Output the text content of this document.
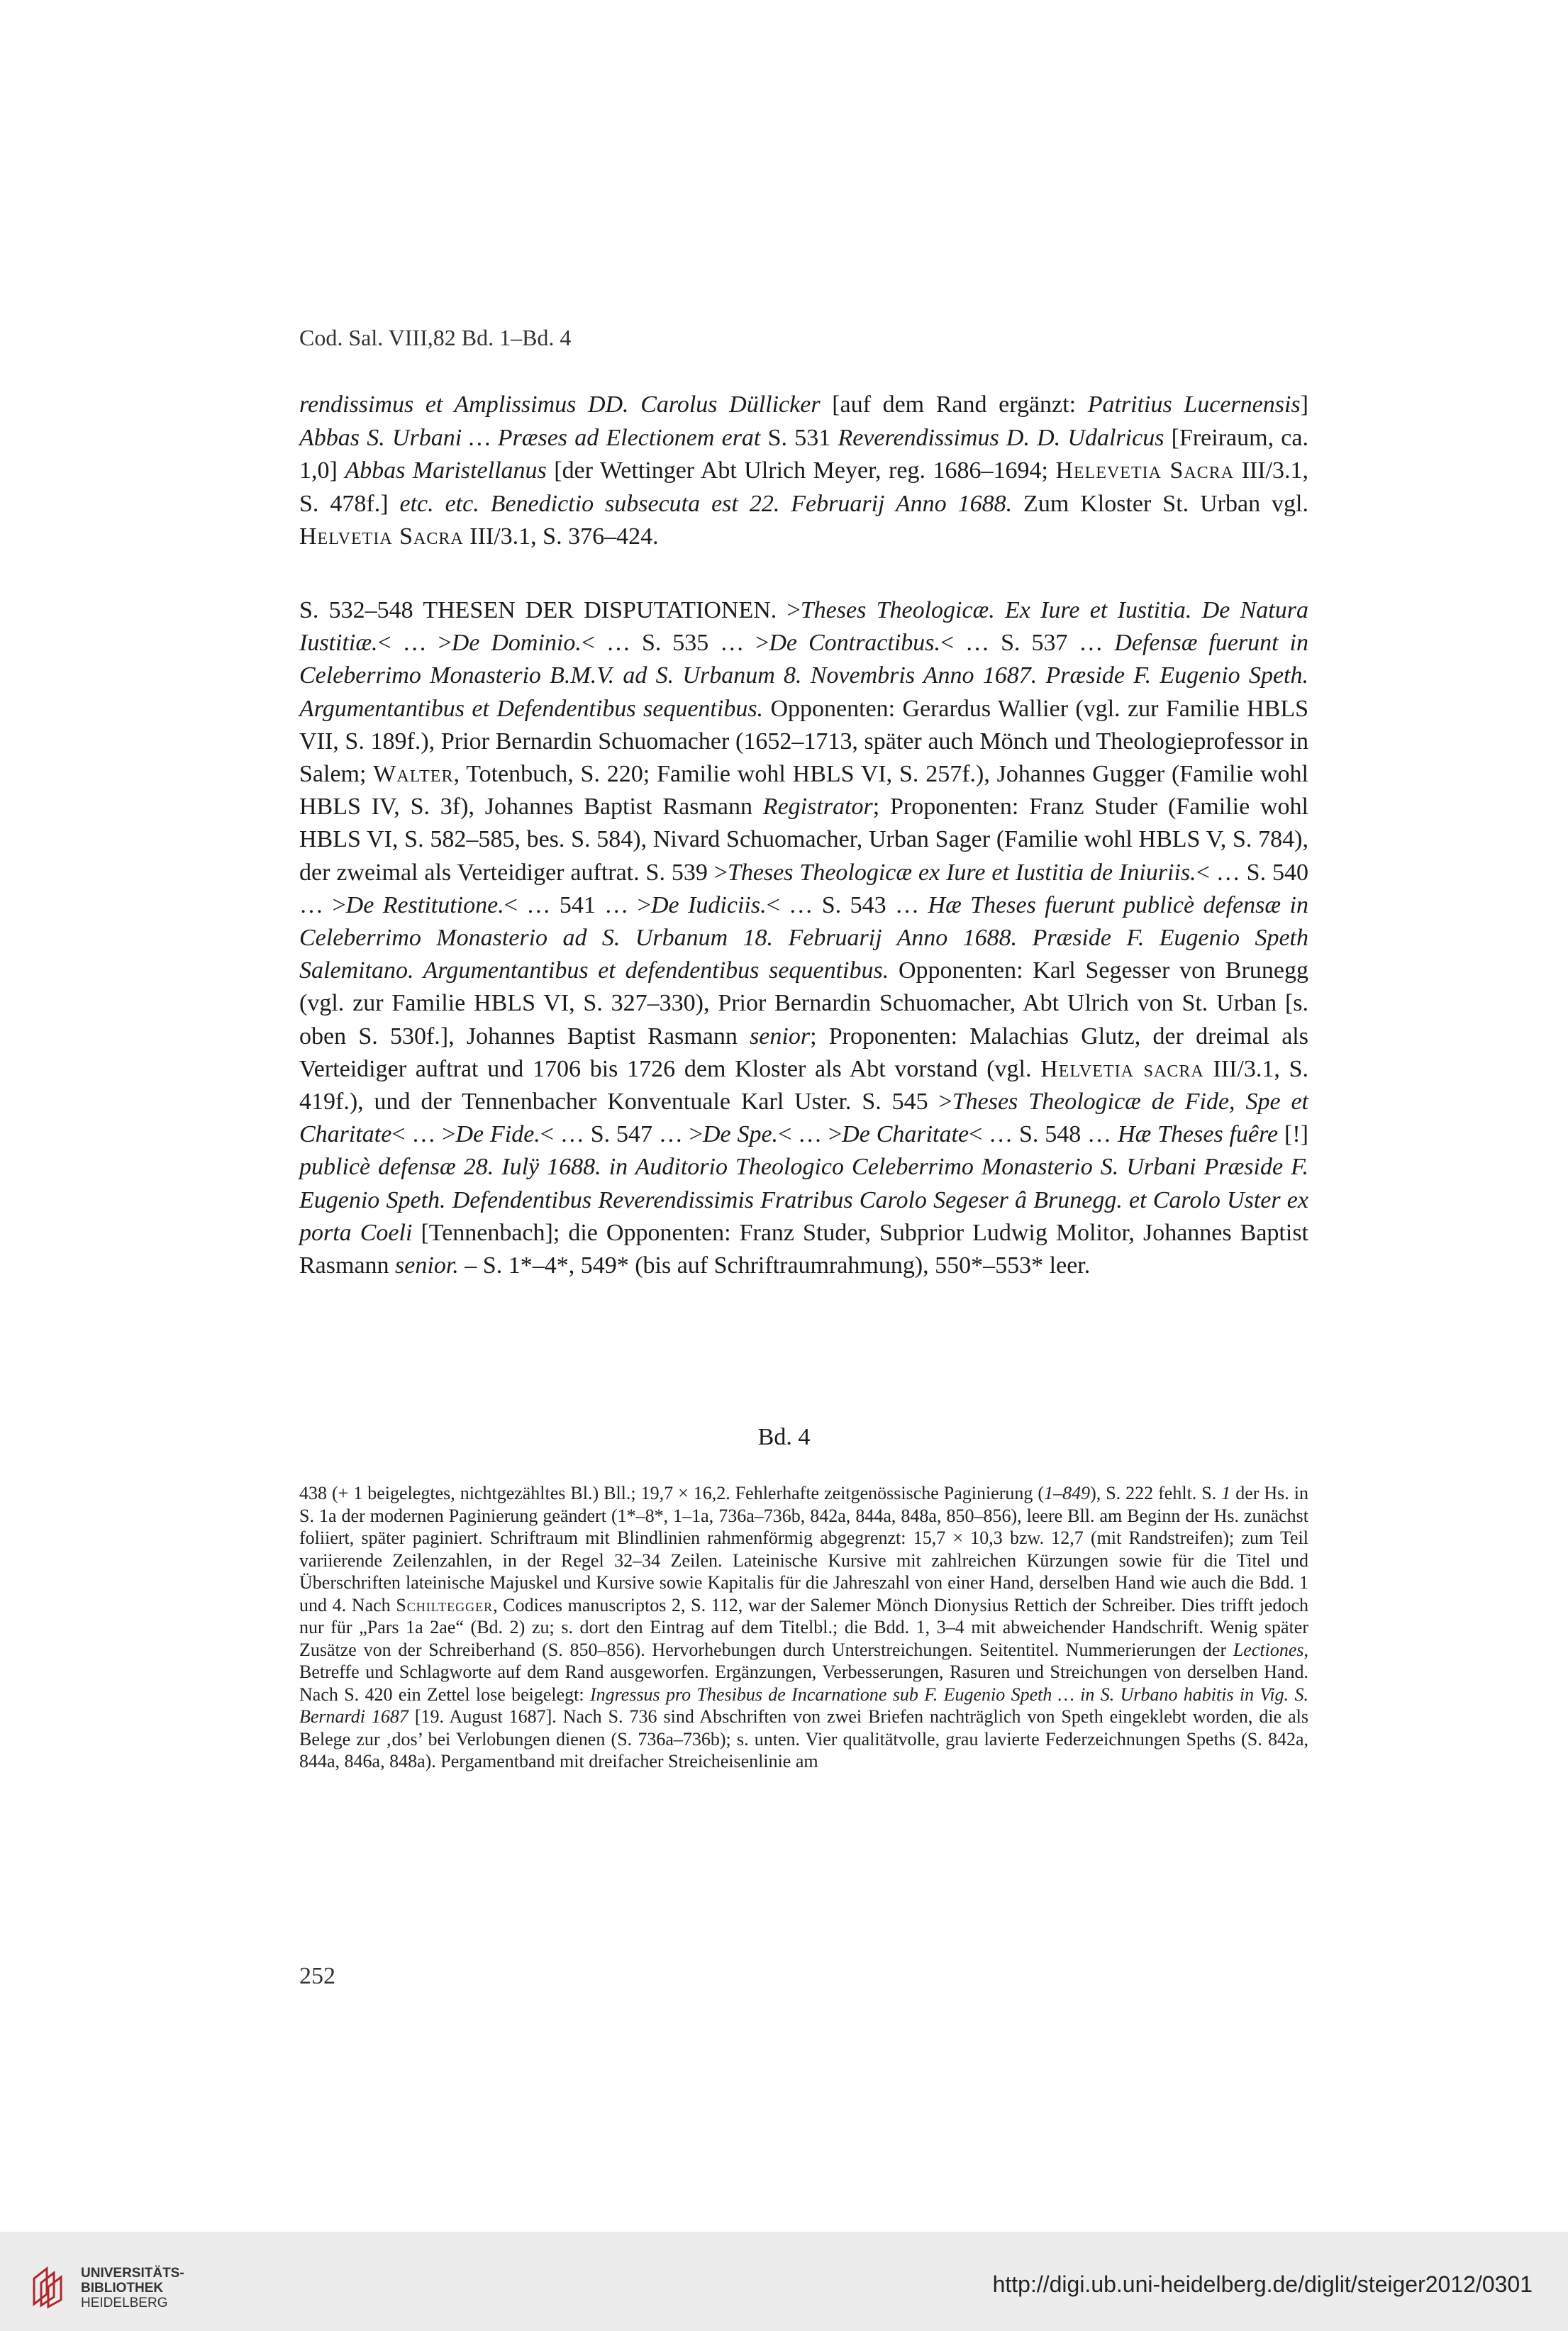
Cod. Sal. VIII,82 Bd. 1–Bd. 4
rendissimus et Amplissimus DD. Carolus Düllicker [auf dem Rand ergänzt: Patritius Lucernensis] Abbas S. Urbani … Præses ad Electionem erat S. 531 Reverendissimus D. D. Udalricus [Freiraum, ca. 1,0] Abbas Maristellanus [der Wettinger Abt Ulrich Meyer, reg. 1686–1694; Helevetia Sacra III/3.1, S. 478f.] etc. etc. Benedictio subsecuta est 22. Februarij Anno 1688. Zum Kloster St. Urban vgl. Helvetia Sacra III/3.1, S. 376–424.
S. 532–548 THESEN DER DISPUTATIONEN. >Theses Theologicæ. Ex Iure et Iustitia. De Natura Iustitiæ.< … >De Dominio.< … S. 535 … >De Contractibus.< … S. 537 … Defensæ fuerunt in Celeberrimo Monasterio B.M.V. ad S. Urbanum 8. Novembris Anno 1687. Præside F. Eugenio Speth. Argumentantibus et Defendentibus sequentibus. Opponenten: Gerardus Wallier (vgl. zur Familie HBLS VII, S. 189f.), Prior Bernardin Schuomacher (1652–1713, später auch Mönch und Theologieprofessor in Salem; Walter, Totenbuch, S. 220; Familie wohl HBLS VI, S. 257f.), Johannes Gugger (Familie wohl HBLS IV, S. 3f), Johannes Baptist Rasmann Registrator; Proponenten: Franz Studer (Familie wohl HBLS VI, S. 582–585, bes. S. 584), Nivard Schuomacher, Urban Sager (Familie wohl HBLS V, S. 784), der zweimal als Verteidiger auftrat. S. 539 >Theses Theologicæ ex Iure et Iustitia de Iniuriis.< … S. 540 … >De Restitutione.< … 541 … >De Iudiciis.< … S. 543 … Hæ Theses fuerunt publicè defensæ in Celeberrimo Monasterio ad S. Urbanum 18. Februarij Anno 1688. Præside F. Eugenio Speth Salemitano. Argumentantibus et defendentibus sequentibus. Opponenten: Karl Segesser von Brunegg (vgl. zur Familie HBLS VI, S. 327–330), Prior Bernardin Schuomacher, Abt Ulrich von St. Urban [s. oben S. 530f.], Johannes Baptist Rasmann senior; Proponenten: Malachias Glutz, der dreimal als Verteidiger auftrat und 1706 bis 1726 dem Kloster als Abt vorstand (vgl. Helvetia sacra III/3.1, S. 419f.), und der Tennenbacher Konventuale Karl Uster. S. 545 >Theses Theologicæ de Fide, Spe et Charitate< … >De Fide.< … S. 547 … >De Spe.< … >De Charitate< … S. 548 … Hæ Theses fuêre [!] publicè defensæ 28. Iulÿ 1688. in Auditorio Theologico Celeberrimo Monasterio S. Urbani Præside F. Eugenio Speth. Defendentibus Reverendissimis Fratribus Carolo Segeser â Brunegg. et Carolo Uster ex porta Coeli [Tennenbach]; die Opponenten: Franz Studer, Subprior Ludwig Molitor, Johannes Baptist Rasmann senior. – S. 1*–4*, 549* (bis auf Schriftraumrahmung), 550*–553* leer.
Bd. 4
438 (+ 1 beigelegtes, nichtgezähltes Bl.) Bll.; 19,7 × 16,2. Fehlerhafte zeitgenössische Paginierung (1–849), S. 222 fehlt. S. 1 der Hs. in S. 1a der modernen Paginierung geändert (1*–8*, 1–1a, 736a–736b, 842a, 844a, 848a, 850–856), leere Bll. am Beginn der Hs. zunächst foliiert, später paginiert. Schriftraum mit Blindlinien rahmenförmig abgegrenzt: 15,7 × 10,3 bzw. 12,7 (mit Randstreifen); zum Teil variierende Zeilenzahlen, in der Regel 32–34 Zeilen. Lateinische Kursive mit zahlreichen Kürzungen sowie für die Titel und Überschriften lateinische Majuskel und Kursive sowie Kapitalis für die Jahreszahl von einer Hand, derselben Hand wie auch die Bdd. 1 und 4. Nach Schiltegger, Codices manuscriptos 2, S. 112, war der Salemer Mönch Dionysius Rettich der Schreiber. Dies trifft jedoch nur für „Pars 1a 2ae“ (Bd. 2) zu; s. dort den Eintrag auf dem Titelbl.; die Bdd. 1, 3–4 mit abweichender Handschrift. Wenig später Zusätze von der Schreiberhand (S. 850–856). Hervorhebungen durch Unterstreichungen. Seitentitel. Nummerierungen der Lectiones, Betreffe und Schlagworte auf dem Rand ausgeworfen. Ergänzungen, Verbesserungen, Rasuren und Streichungen von derselben Hand. Nach S. 420 ein Zettel lose beigelegt: Ingressus pro Thesibus de Incarnatione sub F. Eugenio Speth … in S. Urbano habitis in Vig. S. Bernardi 1687 [19. August 1687]. Nach S. 736 sind Abschriften von zwei Briefen nachträglich von Speth eingeklebt worden, die als Belege zur ‚dos’ bei Verlobungen dienen (S. 736a–736b); s. unten. Vier qualitätvolle, grau lavierte Federzeichnungen Speths (S. 842a, 844a, 846a, 848a). Pergamentband mit dreifacher Streicheisenlinie am
252
UNIVERSITÄTS-
BIBLIOTHEK
HEIDELBERG
http://digi.ub.uni-heidelberg.de/diglit/steiger2012/0301
